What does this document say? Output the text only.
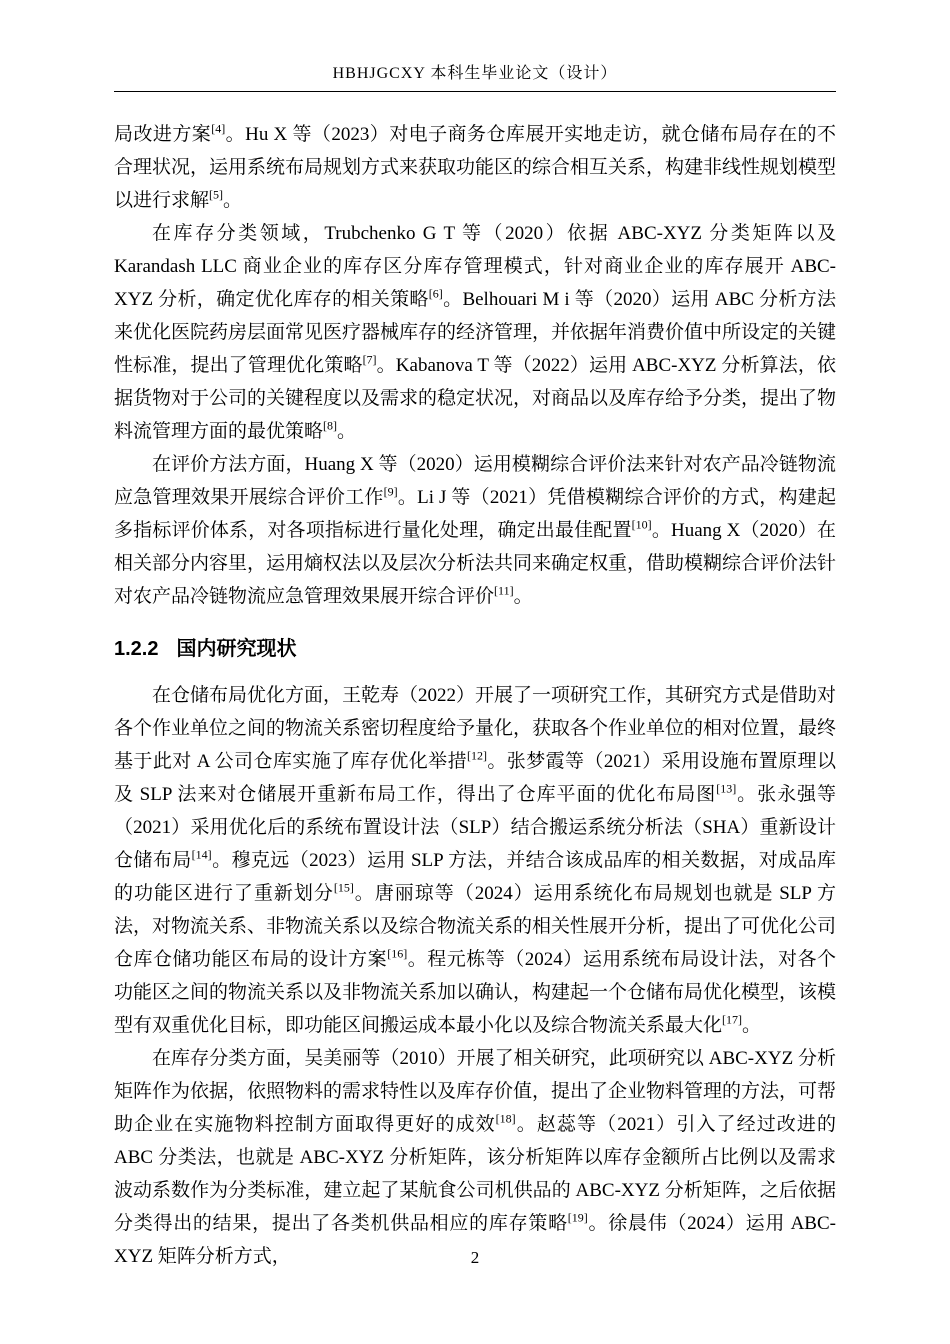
HBHJGCXY 本科生毕业论文（设计）

局改进方案[4]。Hu X 等（2023）对电子商务仓库展开实地走访，就仓储布局存在的不合理状况，运用系统布局规划方式来获取功能区的综合相互关系，构建非线性规划模型以进行求解[5]。

在库存分类领域，Trubchenko G T 等（2020）依据 ABC-XYZ 分类矩阵以及 Karandash LLC 商业企业的库存区分库存管理模式，针对商业企业的库存展开 ABC-XYZ 分析，确定优化库存的相关策略[6]。Belhouari M i 等（2020）运用 ABC 分析方法来优化医院药房层面常见医疗器械库存的经济管理，并依据年消费价值中所设定的关键性标准，提出了管理优化策略[7]。Kabanova T 等（2022）运用 ABC-XYZ 分析算法，依据货物对于公司的关键程度以及需求的稳定状况，对商品以及库存给予分类，提出了物料流管理方面的最优策略[8]。

在评价方法方面，Huang X 等（2020）运用模糊综合评价法来针对农产品冷链物流应急管理效果开展综合评价工作[9]。Li J 等（2021）凭借模糊综合评价的方式，构建起多指标评价体系，对各项指标进行量化处理，确定出最佳配置[10]。Huang X（2020）在相关部分内容里，运用熵权法以及层次分析法共同来确定权重，借助模糊综合评价法针对农产品冷链物流应急管理效果展开综合评价[11]。

1.2.2 国内研究现状

在仓储布局优化方面，王乾寿（2022）开展了一项研究工作，其研究方式是借助对各个作业单位之间的物流关系密切程度给予量化，获取各个作业单位的相对位置，最终基于此对 A 公司仓库实施了库存优化举措[12]。张梦霞等（2021）采用设施布置原理以及 SLP 法来对仓储展开重新布局工作，得出了仓库平面的优化布局图[13]。张永强等（2021）采用优化后的系统布置设计法（SLP）结合搬运系统分析法（SHA）重新设计仓储布局[14]。穆克远（2023）运用 SLP 方法，并结合该成品库的相关数据，对成品库的功能区进行了重新划分[15]。唐丽琼等（2024）运用系统化布局规划也就是 SLP 方法，对物流关系、非物流关系以及综合物流关系的相关性展开分析，提出了可优化公司仓库仓储功能区布局的设计方案[16]。程元栋等（2024）运用系统布局设计法，对各个功能区之间的物流关系以及非物流关系加以确认，构建起一个仓储布局优化模型，该模型有双重优化目标，即功能区间搬运成本最小化以及综合物流关系最大化[17]。

在库存分类方面，吴美丽等（2010）开展了相关研究，此项研究以 ABC-XYZ 分析矩阵作为依据，依照物料的需求特性以及库存价值，提出了企业物料管理的方法，可帮助企业在实施物料控制方面取得更好的成效[18]。赵蕊等（2021）引入了经过改进的 ABC 分类法，也就是 ABC-XYZ 分析矩阵，该分析矩阵以库存金额所占比例以及需求波动系数作为分类标准，建立起了某航食公司机供品的 ABC-XYZ 分析矩阵，之后依据分类得出的结果，提出了各类机供品相应的库存策略[19]。徐晨伟（2024）运用 ABC-XYZ 矩阵分析方式，	2
